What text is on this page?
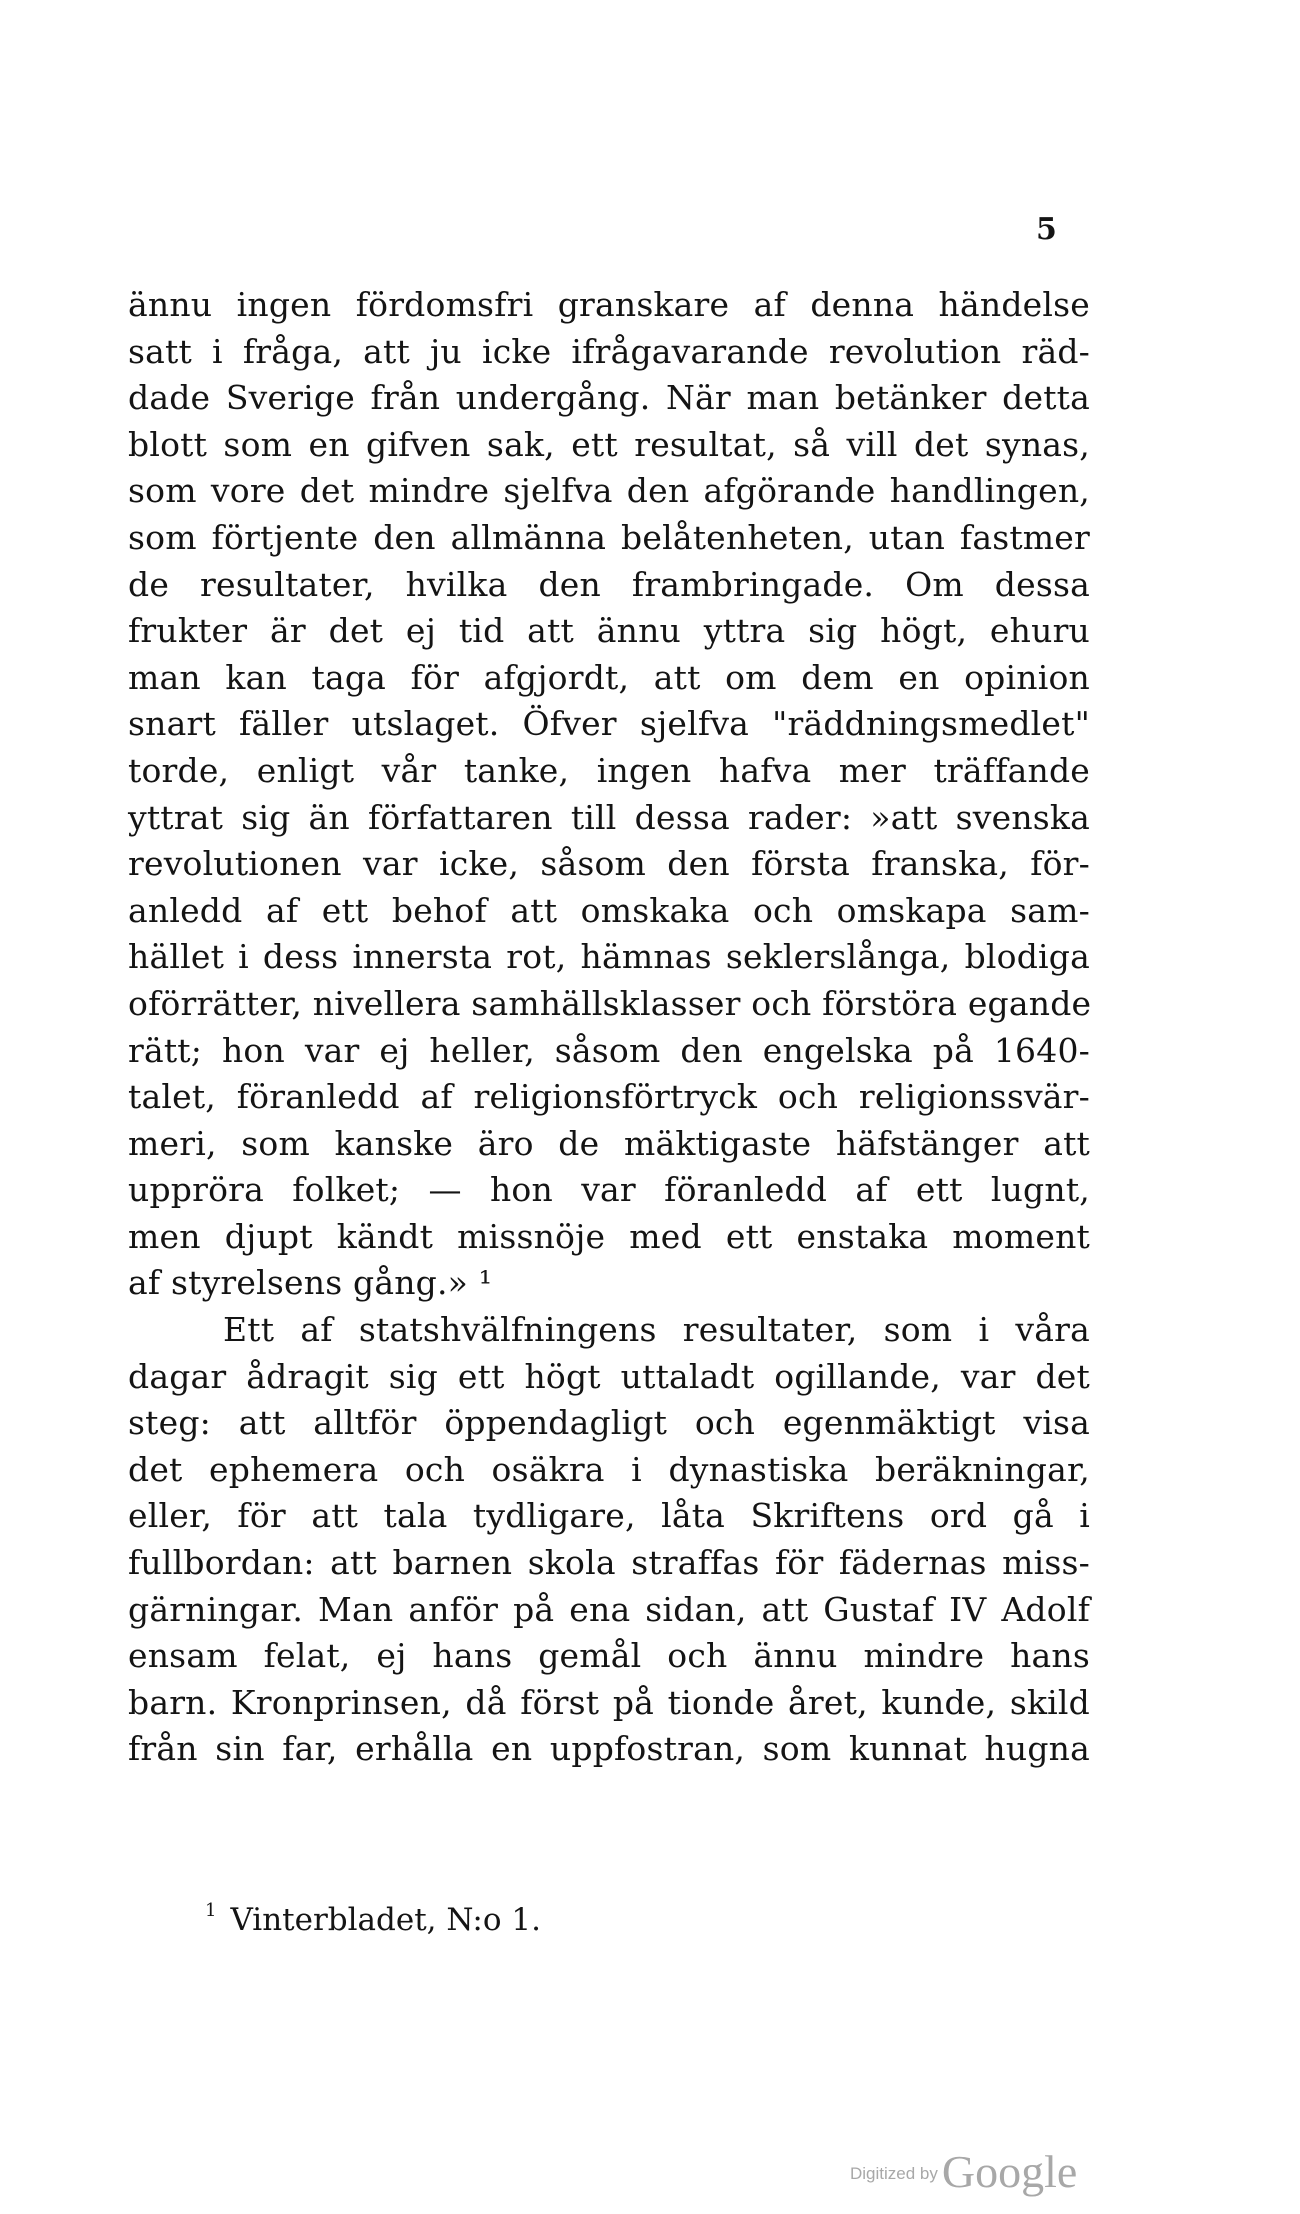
5
ännu ingen fördomsfri granskare af denna händelse
satt i fråga, att ju icke ifrågavarande revolution räd-
dade Sverige från undergång. När man betänker detta
blott som en gifven sak, ett resultat, så vill det synas,
som vore det mindre sjelfva den afgörande handlingen,
som förtjente den allmänna belåtenheten, utan fastmer
de resultater, hvilka den frambringade. Om dessa
frukter är det ej tid att ännu yttra sig högt, ehuru
man kan taga för afgjordt, att om dem en opinion
snart fäller utslaget. Öfver sjelfva "räddningsmedlet"
torde, enligt vår tanke, ingen hafva mer träffande
yttrat sig än författaren till dessa rader: »att svenska
revolutionen var icke, såsom den första franska, för-
anledd af ett behof att omskaka och omskapa sam-
hället i dess innersta rot, hämnas seklerslånga, blodiga
oförrätter, nivellera samhällsklasser och förstöra egande
rätt; hon var ej heller, såsom den engelska på 1640-
talet, föranledd af religionsförtryck och religionssvär-
meri, som kanske äro de mäktigaste häfstänger att
uppröra folket; — hon var föranledd af ett lugnt,
men djupt kändt missnöje med ett enstaka moment
af styrelsens gång.» ¹
Ett af statshvälfningens resultater, som i våra
dagar ådragit sig ett högt uttaladt ogillande, var det
steg: att alltför öppendagligt och egenmäktigt visa
det ephemera och osäkra i dynastiska beräkningar,
eller, för att tala tydligare, låta Skriftens ord gå i
fullbordan: att barnen skola straffas för fädernas miss-
gärningar. Man anför på ena sidan, att Gustaf IV Adolf
ensam felat, ej hans gemål och ännu mindre hans
barn. Kronprinsen, då först på tionde året, kunde, skild
från sin far, erhålla en uppfostran, som kunnat hugna
$^1$ Vinterbladet, N:o 1.
Digitized byGoogle
